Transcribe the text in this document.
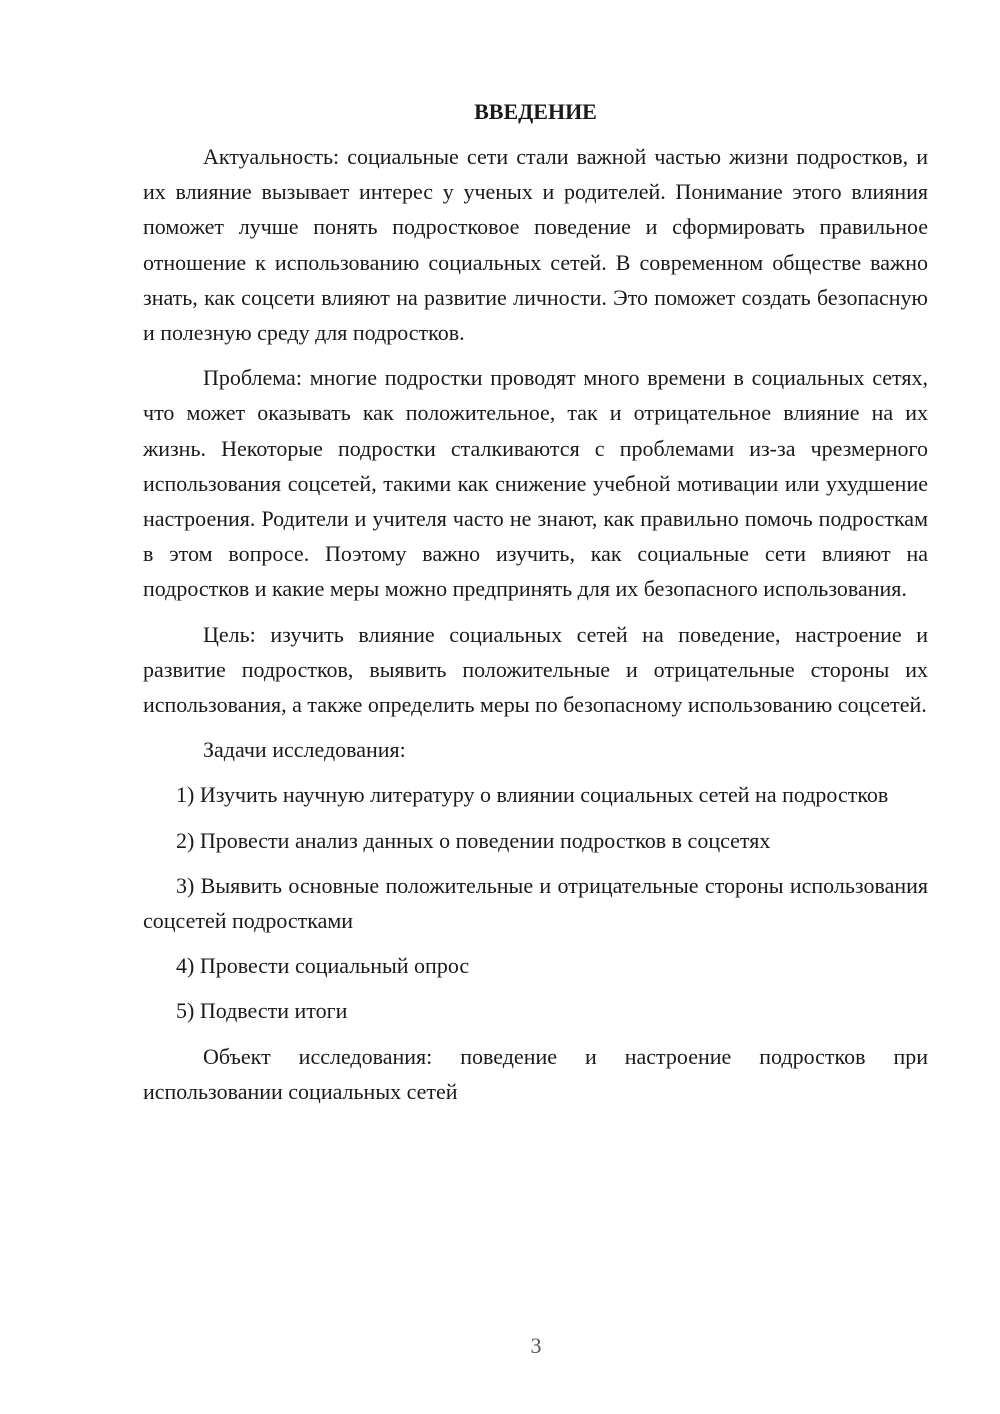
ВВЕДЕНИЕ

Актуальность: социальные сети стали важной частью жизни подростков, и их влияние вызывает интерес у ученых и родителей. Понимание этого влияния поможет лучше понять подростковое поведение и сформировать правильное отношение к использованию социальных сетей. В современном обществе важно знать, как соцсети влияют на развитие личности. Это поможет создать безопасную и полезную среду для подростков.

Проблема: многие подростки проводят много времени в социальных сетях, что может оказывать как положительное, так и отрицательное влияние на их жизнь. Некоторые подростки сталкиваются с проблемами из-за чрезмерного использования соцсетей, такими как снижение учебной мотивации или ухудшение настроения. Родители и учителя часто не знают, как правильно помочь подросткам в этом вопросе. Поэтому важно изучить, как социальные сети влияют на подростков и какие меры можно предпринять для их безопасного использования.

Цель: изучить влияние социальных сетей на поведение, настроение и развитие подростков, выявить положительные и отрицательные стороны их использования, а также определить меры по безопасному использованию соцсетей.

Задачи исследования:

1) Изучить научную литературу о влиянии социальных сетей на подростков

2) Провести анализ данных о поведении подростков в соцсетях

3) Выявить основные положительные и отрицательные стороны использования соцсетей подростками

4) Провести социальный опрос

5) Подвести итоги

Объект исследования: поведение и настроение подростков при использовании социальных сетей

3
